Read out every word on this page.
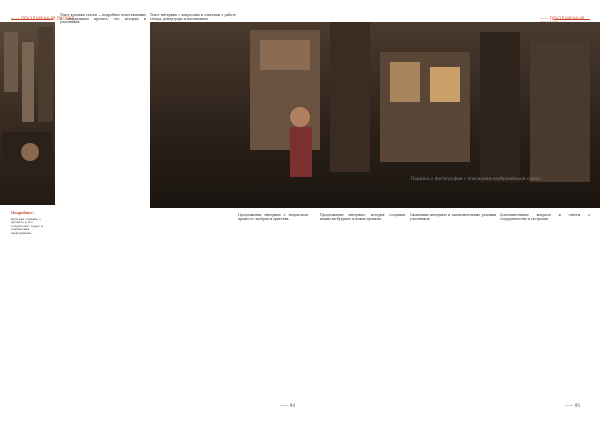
—— ПРАЗДНИЧНЫЙ ПРОЕКТ	—— ПРАЗДНИЧНЫЙ
Текст колонки статьи — подробное повествование о театральном проекте, его истории и участниках.
Текст интервью с вопросами и ответами о работе театра, репертуаре и постановках.
Подробнее!
Краткая справка о проекте и его создателях. Адрес и контактная информация.
Продолжение интервью о творческом процессе, актёрах и зрителях.
Продолжение интервью: история создания, планы на будущее и новые проекты.
Окончание интервью и заключительные реплики участников.
Дополнительные вопросы и ответы о сотрудничестве и гастролях.
Подпись к фотографии с описанием изображённой сцены.
—— 94	—— 95
